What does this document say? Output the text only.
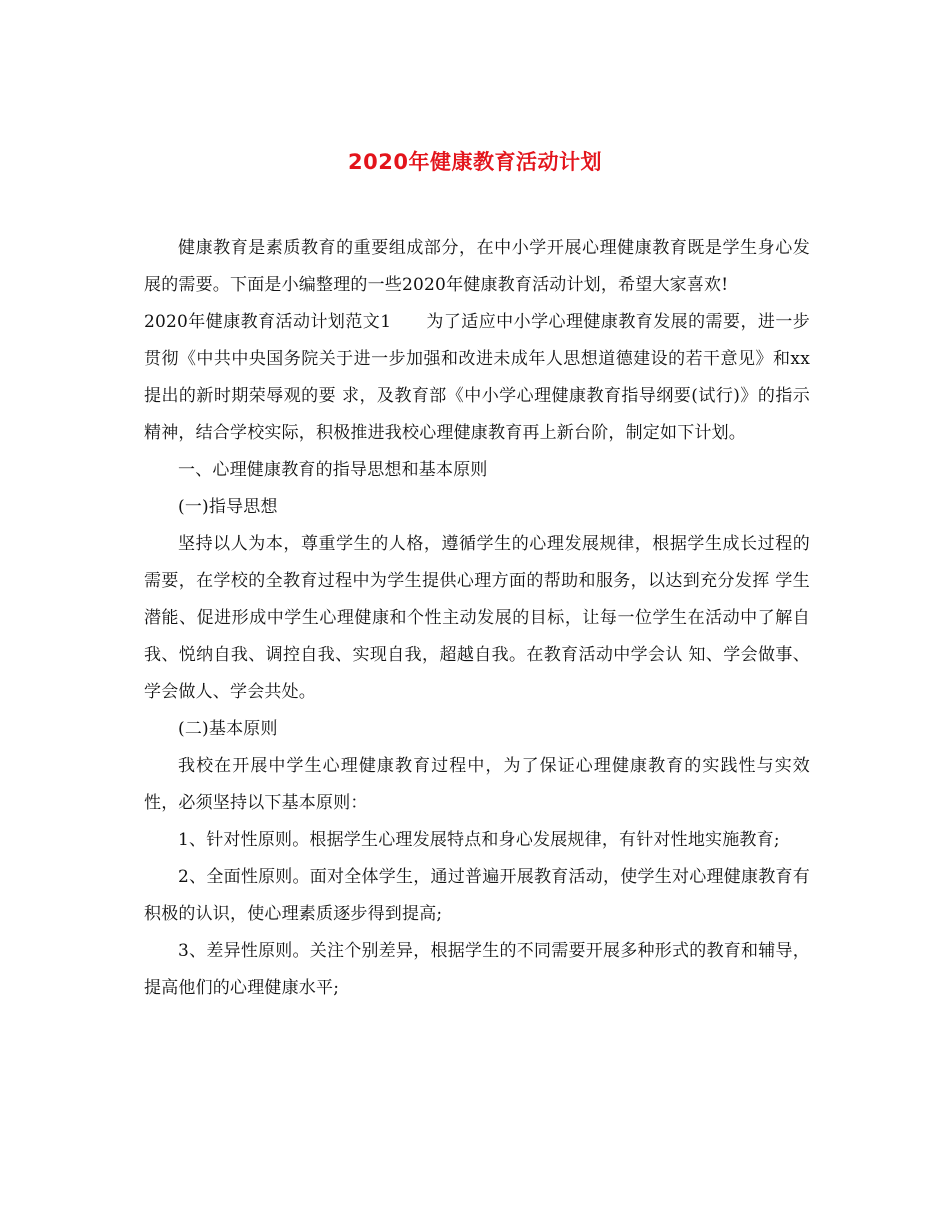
2020年健康教育活动计划

健康教育是素质教育的重要组成部分，在中小学开展心理健康教育既是学生身心发展的需要。下面是小编整理的一些2020年健康教育活动计划，希望大家喜欢!

2020年健康教育活动计划范文1　　为了适应中小学心理健康教育发展的需要，进一步贯彻《中共中央国务院关于进一步加强和改进未成年人思想道德建设的若干意见》和xx提出的新时期荣辱观的要 求，及教育部《中小学心理健康教育指导纲要(试行)》的指示精神，结合学校实际，积极推进我校心理健康教育再上新台阶，制定如下计划。

一、心理健康教育的指导思想和基本原则

(一)指导思想

坚持以人为本，尊重学生的人格，遵循学生的心理发展规律，根据学生成长过程的需要，在学校的全教育过程中为学生提供心理方面的帮助和服务，以达到充分发挥 学生潜能、促进形成中学生心理健康和个性主动发展的目标，让每一位学生在活动中了解自我、悦纳自我、调控自我、实现自我，超越自我。在教育活动中学会认 知、学会做事、学会做人、学会共处。

(二)基本原则

我校在开展中学生心理健康教育过程中，为了保证心理健康教育的实践性与实效性，必须坚持以下基本原则：

1、针对性原则。根据学生心理发展特点和身心发展规律，有针对性地实施教育;

2、全面性原则。面对全体学生，通过普遍开展教育活动，使学生对心理健康教育有积极的认识，使心理素质逐步得到提高;

3、差异性原则。关注个别差异，根据学生的不同需要开展多种形式的教育和辅导，提高他们的心理健康水平;
